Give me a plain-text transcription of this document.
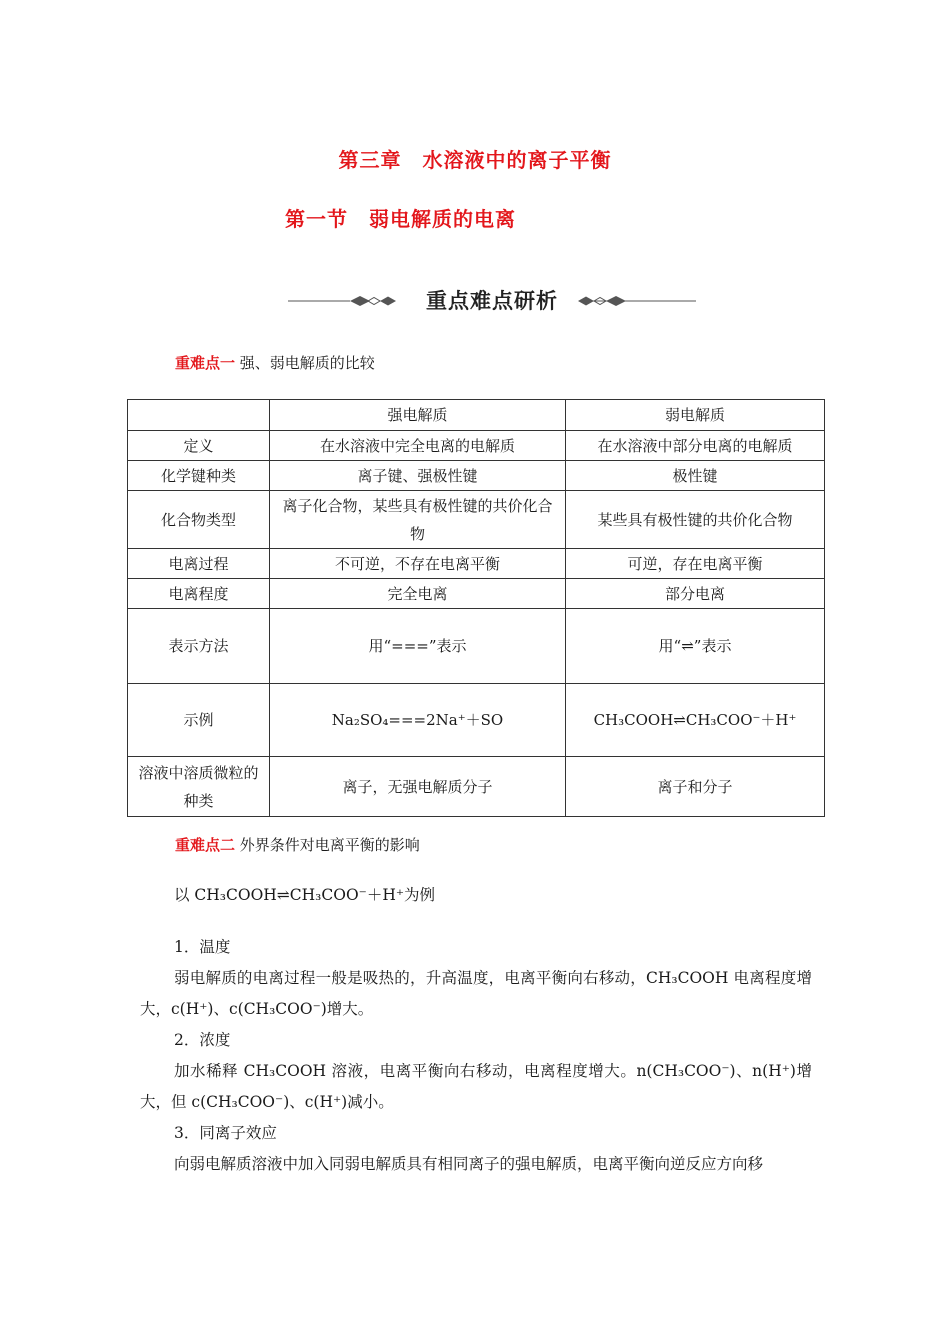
第三章　水溶液中的离子平衡
第一节　弱电解质的电离
重点难点研析
重难点一 强、弱电解质的比较
	强电解质	弱电解质
定义	在水溶液中完全电离的电解质	在水溶液中部分电离的电解质
化学键种类	离子键、强极性键	极性键
化合物类型	离子化合物，某些具有极性键的共价化合物	某些具有极性键的共价化合物
电离过程	不可逆，不存在电离平衡	可逆，存在电离平衡
电离程度	完全电离	部分电离
表示方法	用“===”表示	用“⇌”表示
示例	Na₂SO₄===2Na⁺＋SO	CH₃COOH⇌CH₃COO⁻＋H⁺
溶液中溶质微粒的种类	离子，无强电解质分子	离子和分子
重难点二 外界条件对电离平衡的影响
以 CH₃COOH⇌CH₃COO⁻＋H⁺为例
1．温度
弱电解质的电离过程一般是吸热的，升高温度，电离平衡向右移动，CH₃COOH 电离程度增大，c(H⁺)、c(CH₃COO⁻)增大。
2．浓度
加水稀释 CH₃COOH 溶液，电离平衡向右移动，电离程度增大。n(CH₃COO⁻)、n(H⁺)增大，但 c(CH₃COO⁻)、c(H⁺)减小。
3．同离子效应
向弱电解质溶液中加入同弱电解质具有相同离子的强电解质，电离平衡向逆反应方向移
